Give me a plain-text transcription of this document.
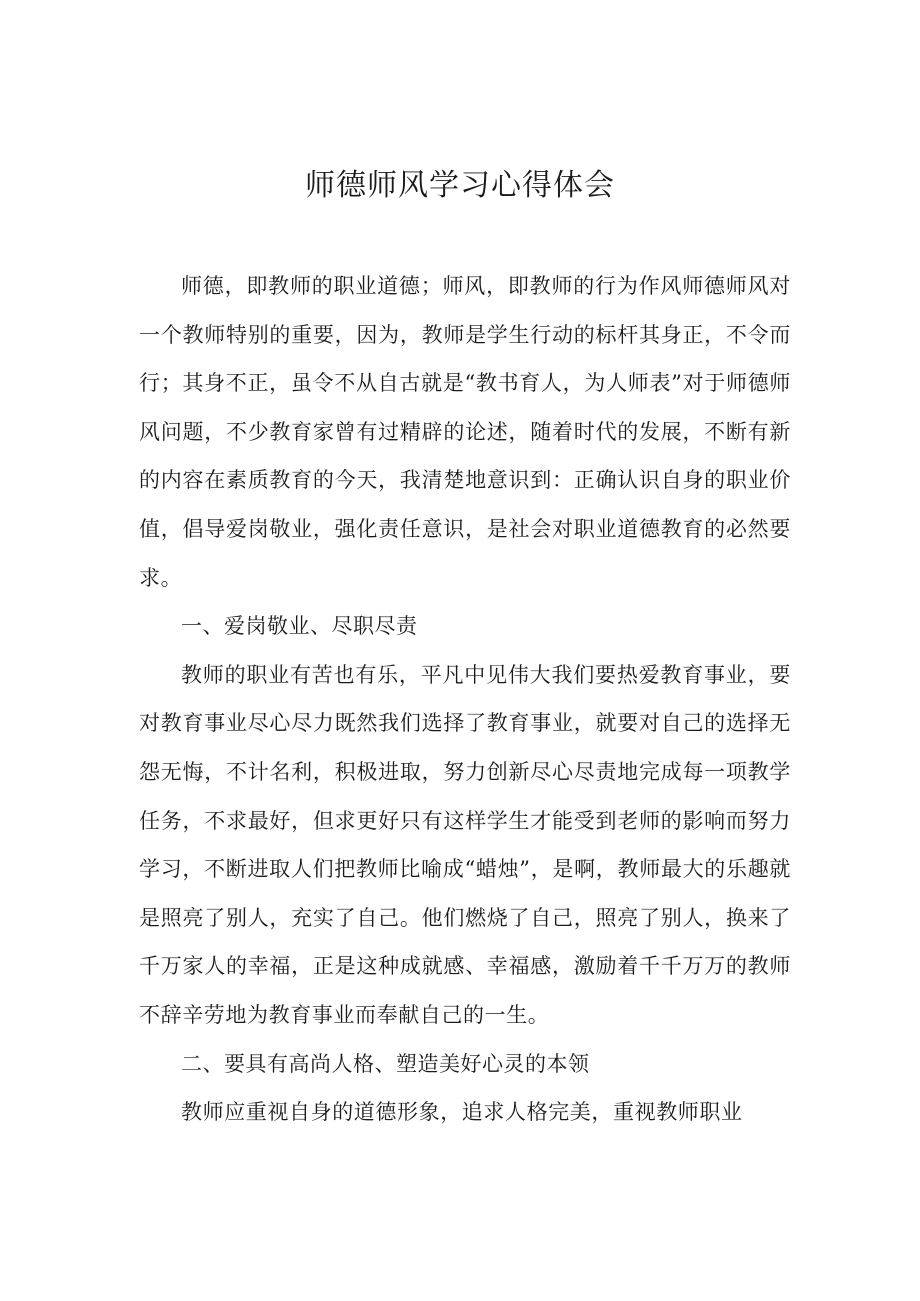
师德师风学习心得体会

师德，即教师的职业道德；师风，即教师的行为作风师德师风对一个教师特别的重要，因为，教师是学生行动的标杆其身正，不令而行；其身不正，虽令不从自古就是“教书育人，为人师表”对于师德师风问题，不少教育家曾有过精辟的论述，随着时代的发展，不断有新的内容在素质教育的今天，我清楚地意识到：正确认识自身的职业价值，倡导爱岗敬业，强化责任意识，是社会对职业道德教育的必然要求。

一、爱岗敬业、尽职尽责

教师的职业有苦也有乐，平凡中见伟大我们要热爱教育事业，要对教育事业尽心尽力既然我们选择了教育事业，就要对自己的选择无怨无悔，不计名利，积极进取，努力创新尽心尽责地完成每一项教学任务，不求最好，但求更好只有这样学生才能受到老师的影响而努力学习，不断进取人们把教师比喻成“蜡烛”，是啊，教师最大的乐趣就是照亮了别人，充实了自己。他们燃烧了自己，照亮了别人，换来了千万家人的幸福，正是这种成就感、幸福感，激励着千千万万的教师不辞辛劳地为教育事业而奉献自己的一生。

二、要具有高尚人格、塑造美好心灵的本领

教师应重视自身的道德形象，追求人格完美，重视教师职业
